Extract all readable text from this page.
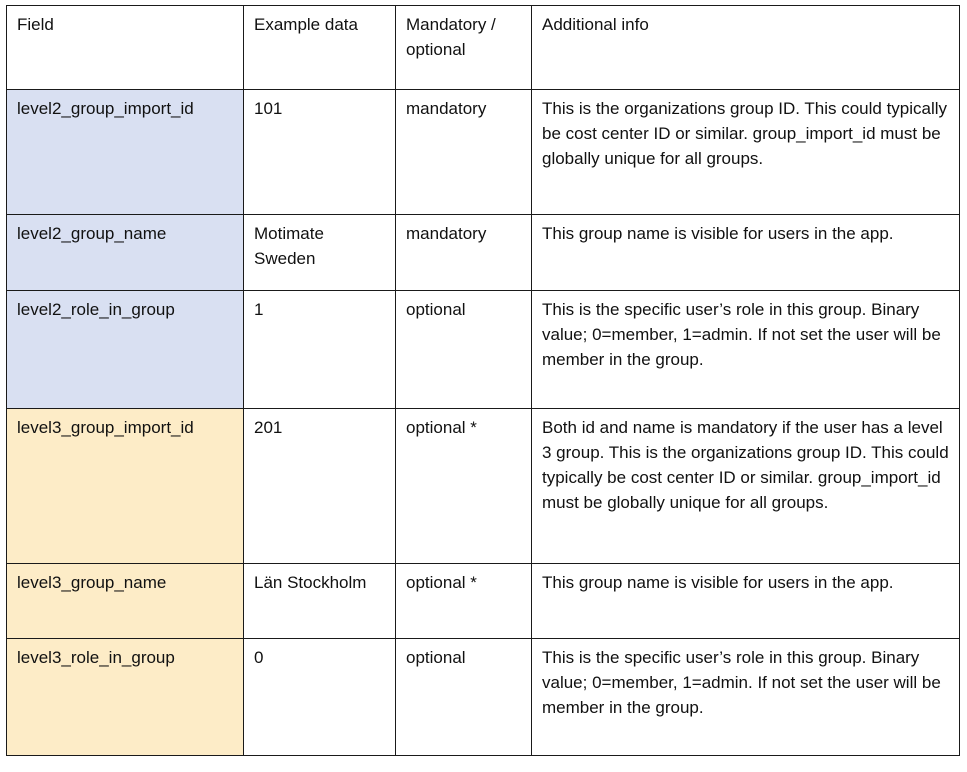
Field	Example data	Mandatory / optional	Additional info
level2_group_import_id	101	mandatory	This is the organizations group ID. This could typically be cost center ID or similar. group_import_id must be globally unique for all groups.
level2_group_name	Motimate Sweden	mandatory	This group name is visible for users in the app.
level2_role_in_group	1	optional	This is the specific user’s role in this group. Binary value; 0=member, 1=admin. If not set the user will be member in the group.
level3_group_import_id	201	optional *	Both id and name is mandatory if the user has a level 3 group. This is the organizations group ID. This could typically be cost center ID or similar. group_import_id must be globally unique for all groups.
level3_group_name	Län Stockholm	optional *	This group name is visible for users in the app.
level3_role_in_group	0	optional	This is the specific user’s role in this group. Binary value; 0=member, 1=admin. If not set the user will be member in the group.
